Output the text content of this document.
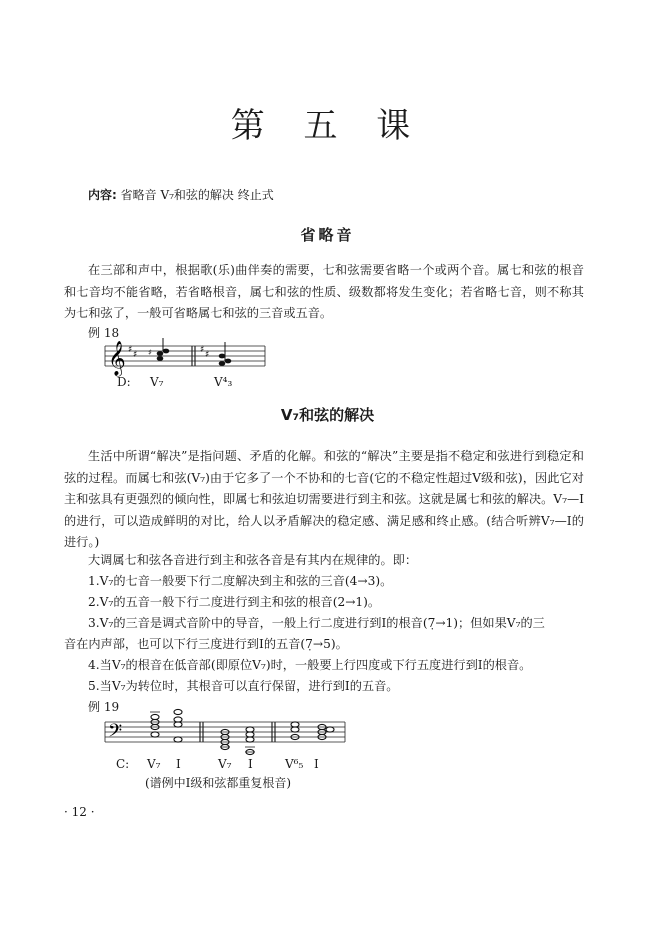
第 五 课
内容: 省略音 V₇和弦的解决 终止式
省略音

在三部和声中，根据歌(乐)曲伴奏的需要，七和弦需要省略一个或两个音。属七和弦的根音和七音均不能省略，若省略根音，属七和弦的性质、级数都将发生变化；若省略七音，则不称其为七和弦了，一般可省略属七和弦的三音或五音。

例 18
𝄞 ♯ ♯ ♯	♯ ♯
D: V₇	V⁴₃
V₇和弦的解决

生活中所谓“解决”是指问题、矛盾的化解。和弦的“解决”主要是指不稳定和弦进行到稳定和弦的过程。而属七和弦(V₇)由于它多了一个不协和的七音(它的不稳定性超过V级和弦)，因此它对主和弦具有更强烈的倾向性，即属七和弦迫切需要进行到主和弦。这就是属七和弦的解决。V₇—I的进行，可以造成鲜明的对比，给人以矛盾解决的稳定感、满足感和终止感。(结合听辨V₇—I的进行。)

大调属七和弦各音进行到主和弦各音是有其内在规律的。即：

1.V₇的七音一般要下行二度解决到主和弦的三音(4→3)。

2.V₇的五音一般下行二度进行到主和弦的根音(2→1)。

3.V₇的三音是调式音阶中的导音，一般上行二度进行到Ⅰ的根音(7̣→1)；但如果V₇的三

音在内声部，也可以下行三度进行到Ⅰ的五音(7̣→5)。

4.当V₇的根音在低音部(即原位V₇)时，一般要上行四度或下行五度进行到Ⅰ的根音。

5.当V₇为转位时，其根音可以直行保留，进行到Ⅰ的五音。

例 19
𝄢
C: V₇ I	V₇ I	V⁶₅ I
(谱例中Ⅰ级和弦都重复根音)
· 12 ·
